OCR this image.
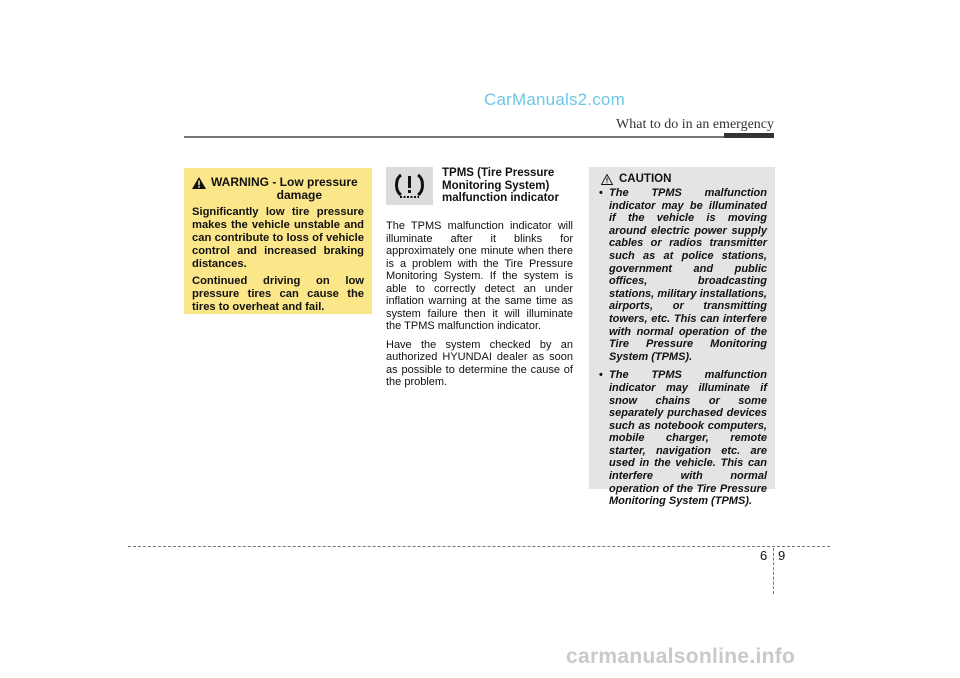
CarManuals2.com
What to do in an emergency
WARNING - Low pressure
damage

Significantly low tire pressure makes the vehicle unstable and can contribute to loss of vehicle control and increased braking distances.

Continued driving on low pressure tires can cause the tires to overheat and fail.

TPMS (Tire Pressure
Monitoring System)
malfunction indicator

The TPMS malfunction indicator will illuminate after it blinks for approximately one minute when there is a problem with the Tire Pressure Monitoring System. If the system is able to correctly detect an under inflation warning at the same time as system failure then it will illuminate the TPMS malfunction indicator.

Have the system checked by an authorized HYUNDAI dealer as soon as possible to determine the cause of the problem.

CAUTION
• The TPMS malfunction indicator may be illuminated if the vehicle is moving around electric power supply cables or radios transmitter such as at police stations, government and public offices, broadcasting stations, military installations, airports, or transmitting towers, etc. This can interfere with normal operation of the Tire Pressure Monitoring System (TPMS).
• The TPMS malfunction indicator may illuminate if snow chains or some separately purchased devices such as notebook computers, mobile charger, remote starter, navigation etc. are used in the vehicle. This can interfere with normal operation of the Tire Pressure Monitoring System (TPMS).
6 9
carmanualsonline.info
